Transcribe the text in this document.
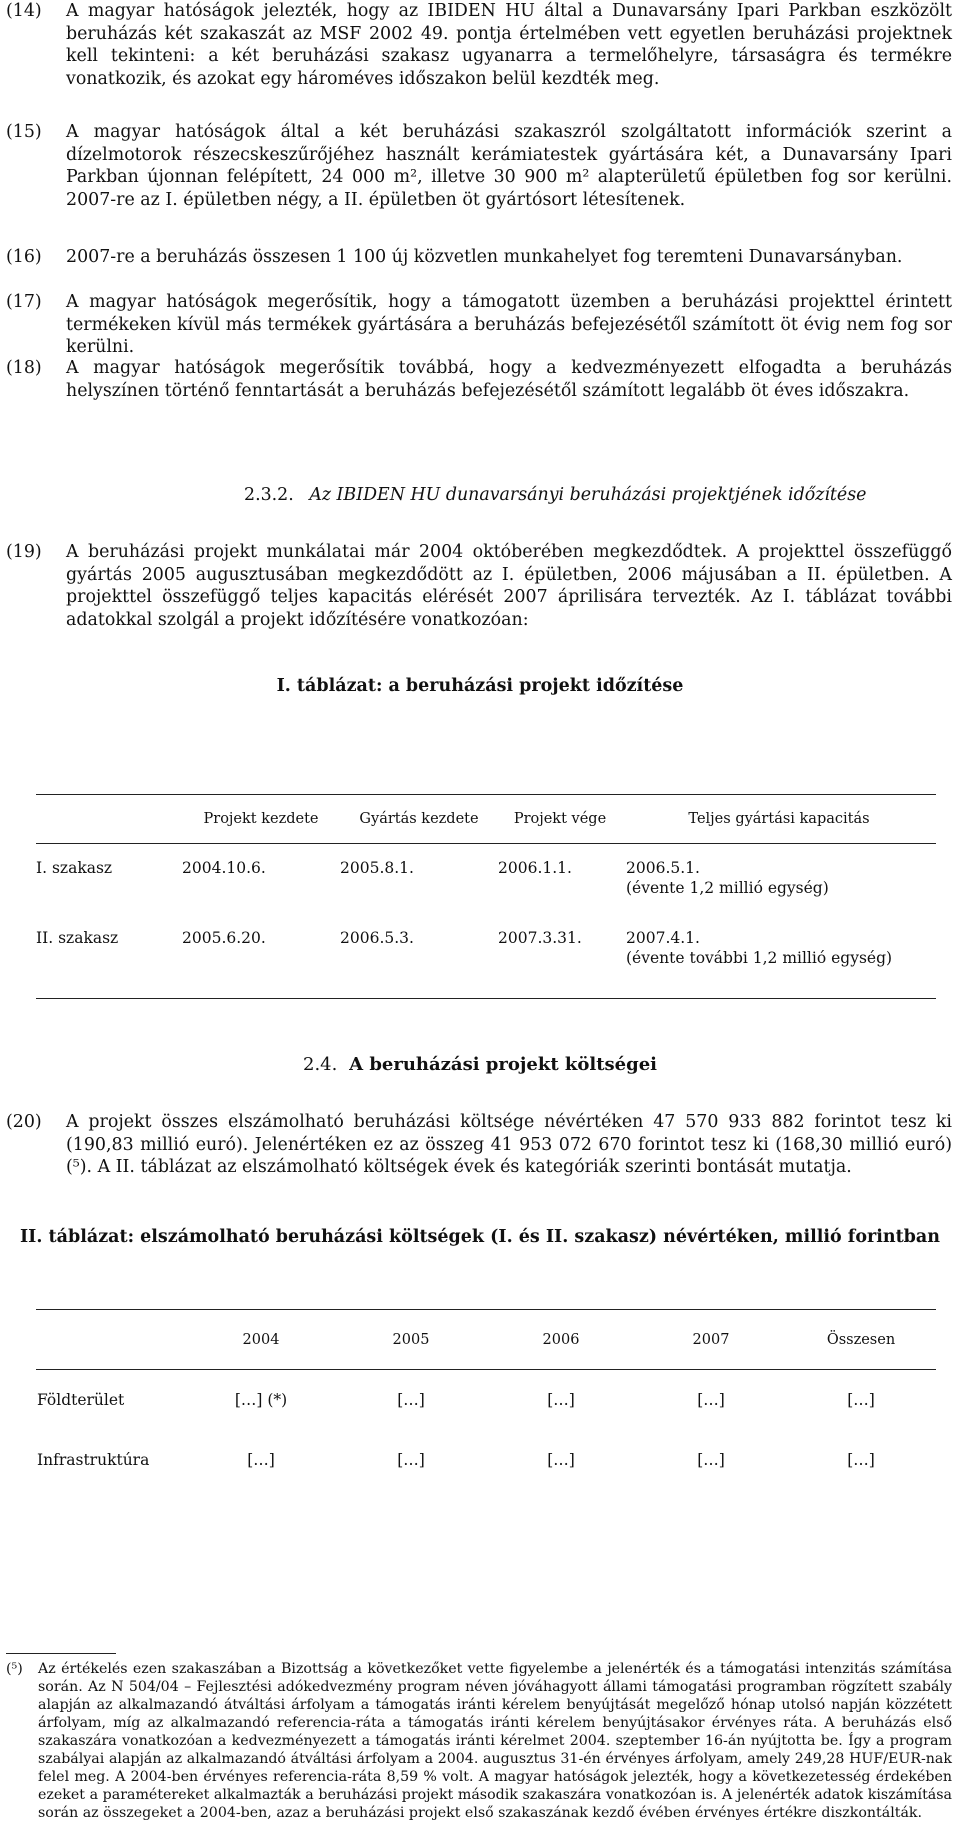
(14) A magyar hatóságok jelezték, hogy az IBIDEN HU által a Dunavarsány Ipari Parkban eszközölt beruházás két szakaszát az MSF 2002 49. pontja értelmében vett egyetlen beruházási projektnek kell tekinteni: a két beruházási szakasz ugyanarra a termelőhelyre, társaságra és termékre vonatkozik, és azokat egy hároméves időszakon belül kezdték meg.
(15) A magyar hatóságok által a két beruházási szakaszról szolgáltatott információk szerint a dízelmotorok részecskeszűrőjéhez használt kerámiatestek gyártására két, a Dunavarsány Ipari Parkban újonnan felépített, 24 000 m², illetve 30 900 m² alapterületű épületben fog sor kerülni. 2007-re az I. épületben négy, a II. épületben öt gyártósort létesítenek.
(16) 2007-re a beruházás összesen 1 100 új közvetlen munkahelyet fog teremteni Dunavarsányban.
(17) A magyar hatóságok megerősítik, hogy a támogatott üzemben a beruházási projekttel érintett termékeken kívül más termékek gyártására a beruházás befejezésétől számított öt évig nem fog sor kerülni.
(18) A magyar hatóságok megerősítik továbbá, hogy a kedvezményezett elfogadta a beruházás helyszínen történő fenntartását a beruházás befejezésétől számított legalább öt éves időszakra.
2.3.2. Az IBIDEN HU dunavarsányi beruházási projektjének időzítése
(19) A beruházási projekt munkálatai már 2004 októberében megkezdődtek. A projekttel összefüggő gyártás 2005 augusztusában megkezdődött az I. épületben, 2006 májusában a II. épületben. A projekttel összefüggő teljes kapacitás elérését 2007 áprilisára tervezték. Az I. táblázat további adatokkal szolgál a projekt időzítésére vonatkozóan:
I. táblázat: a beruházási projekt időzítése
	Projekt kezdete	Gyártás kezdete	Projekt vége	Teljes gyártási kapacitás
I. szakasz	2004.10.6.	2005.8.1.	2006.1.1.	2006.5.1.
(évente 1,2 millió egység)

II. szakasz	2005.6.20.	2006.5.3.	2007.3.31.	2007.4.1.
(évente további 1,2 millió egység)
2.4. A beruházási projekt költségei
(20) A projekt összes elszámolható beruházási költsége névértéken 47 570 933 882 forintot tesz ki (190,83 millió euró). Jelenértéken ez az összeg 41 953 072 670 forintot tesz ki (168,30 millió euró) (⁵). A II. táblázat az elszámolható költségek évek és kategóriák szerinti bontását mutatja.
II. táblázat: elszámolható beruházási költségek (I. és II. szakasz) névértéken, millió forintban
	2004	2005	2006	2007	Összesen
Földterület	[…] (*)	[…]	[…]	[…]	[…]
Infrastruktúra	[…]	[…]	[…]	[…]	[…]
(⁵) Az értékelés ezen szakaszában a Bizottság a következőket vette figyelembe a jelenérték és a támogatási intenzitás számítása során. Az N 504/04 – Fejlesztési adókedvezmény program néven jóváhagyott állami támogatási programban rögzített szabály alapján az alkalmazandó átváltási árfolyam a támogatás iránti kérelem benyújtását megelőző hónap utolsó napján közzétett árfolyam, míg az alkalmazandó referencia-ráta a támogatás iránti kérelem benyújtásakor érvényes ráta. A beruházás első szakaszára vonatkozóan a kedvezményezett a támogatás iránti kérelmet 2004. szeptember 16-án nyújtotta be. Így a program szabályai alapján az alkalmazandó átváltási árfolyam a 2004. augusztus 31-én érvényes árfolyam, amely 249,28 HUF/EUR-nak felel meg. A 2004-ben érvényes referencia-ráta 8,59 % volt. A magyar hatóságok jelezték, hogy a következetesség érdekében ezeket a paramétereket alkalmazták a beruházási projekt második szakaszára vonatkozóan is. A jelenérték adatok kiszámítása során az összegeket a 2004-ben, azaz a beruházási projekt első szakaszának kezdő évében érvényes értékre diszkontálták.
